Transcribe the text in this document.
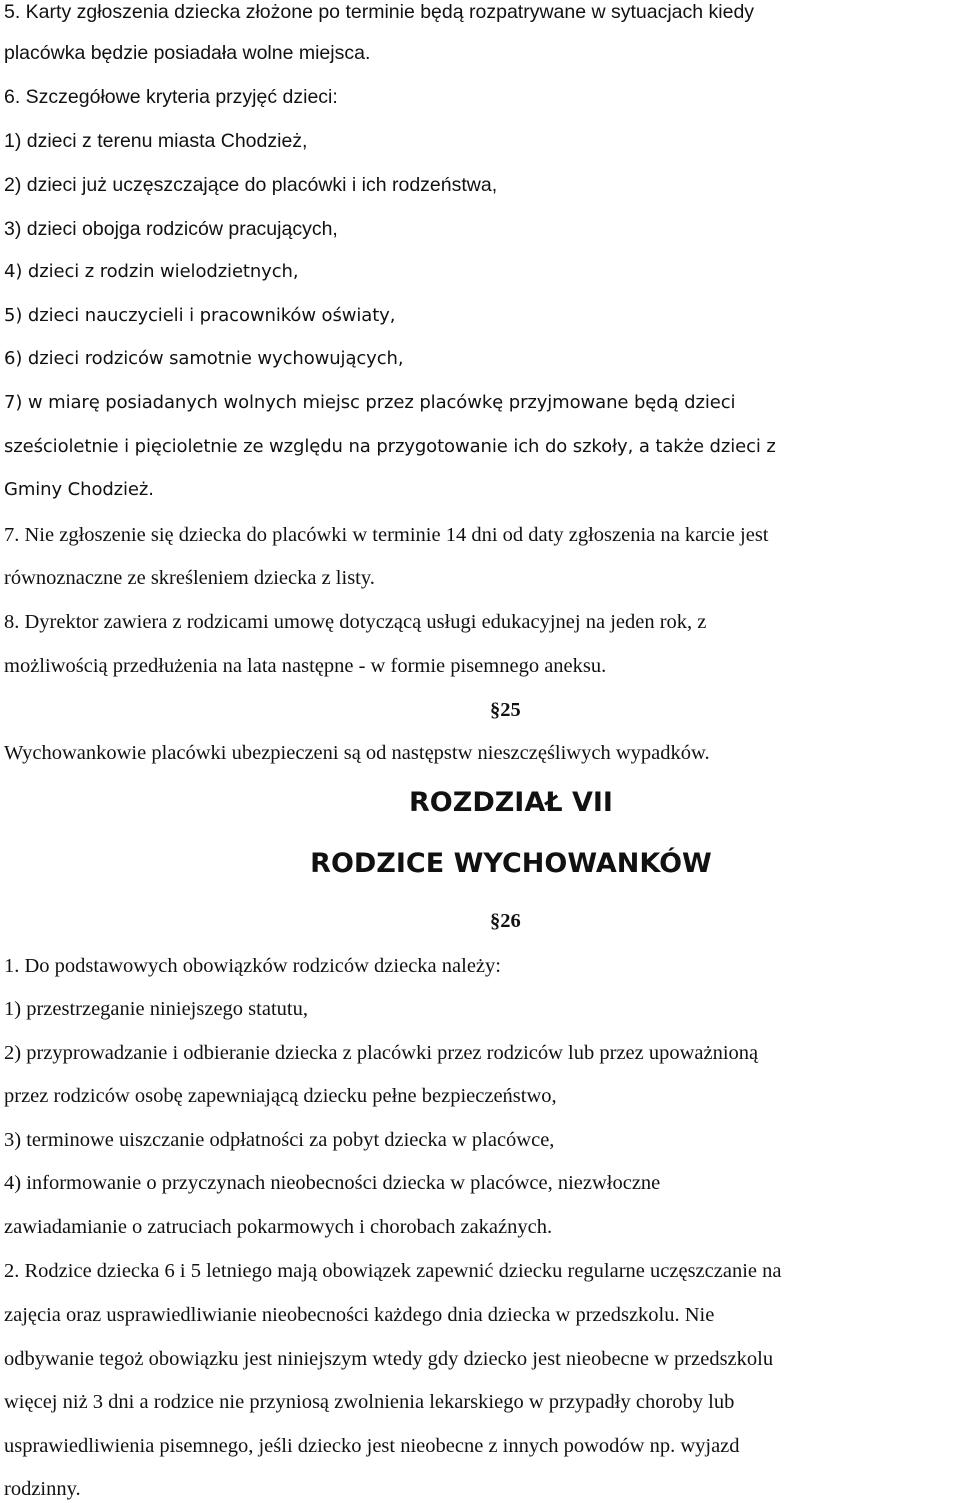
5. Karty zgłoszenia dziecka złożone po terminie będą rozpatrywane w sytuacjach kiedy
placówka będzie posiadała wolne miejsca.
6. Szczegółowe kryteria przyjęć dzieci:
1) dzieci z terenu miasta Chodzież,
2) dzieci już uczęszczające do placówki i ich rodzeństwa,
3) dzieci obojga rodziców pracujących,
4) dzieci z rodzin wielodzietnych,
5) dzieci nauczycieli i pracowników oświaty,
6) dzieci rodziców samotnie wychowujących,
7) w miarę posiadanych wolnych miejsc przez placówkę przyjmowane będą dzieci
sześcioletnie i pięcioletnie ze względu na przygotowanie ich do szkoły, a także dzieci z
Gminy Chodzież.
7. Nie zgłoszenie się dziecka do placówki w terminie 14 dni od daty zgłoszenia na karcie jest
równoznaczne ze skreśleniem dziecka z listy.
8. Dyrektor zawiera z rodzicami umowę dotyczącą usługi edukacyjnej na jeden rok, z
możliwością przedłużenia na lata następne - w formie pisemnego aneksu.
§25
Wychowankowie placówki ubezpieczeni są od następstw nieszczęśliwych wypadków.
ROZDZIAŁ VII
RODZICE WYCHOWANKÓW
§26
1. Do podstawowych obowiązków rodziców dziecka należy:
1) przestrzeganie niniejszego statutu,
2) przyprowadzanie i odbieranie dziecka z placówki przez rodziców lub przez upoważnioną
przez rodziców osobę zapewniającą dziecku pełne bezpieczeństwo,
3) terminowe uiszczanie odpłatności za pobyt dziecka w placówce,
4) informowanie o przyczynach nieobecności dziecka w placówce, niezwłoczne
zawiadamianie o zatruciach pokarmowych i chorobach zakaźnych.
2. Rodzice dziecka 6 i 5 letniego mają obowiązek zapewnić dziecku regularne uczęszczanie na
zajęcia oraz usprawiedliwianie nieobecności każdego dnia dziecka w przedszkolu. Nie
odbywanie tegoż obowiązku jest niniejszym wtedy gdy dziecko jest nieobecne w przedszkolu
więcej niż 3 dni a rodzice nie przyniosą zwolnienia lekarskiego w przypadły choroby lub
usprawiedliwienia pisemnego, jeśli dziecko jest nieobecne z innych powodów np. wyjazd
rodzinny.
